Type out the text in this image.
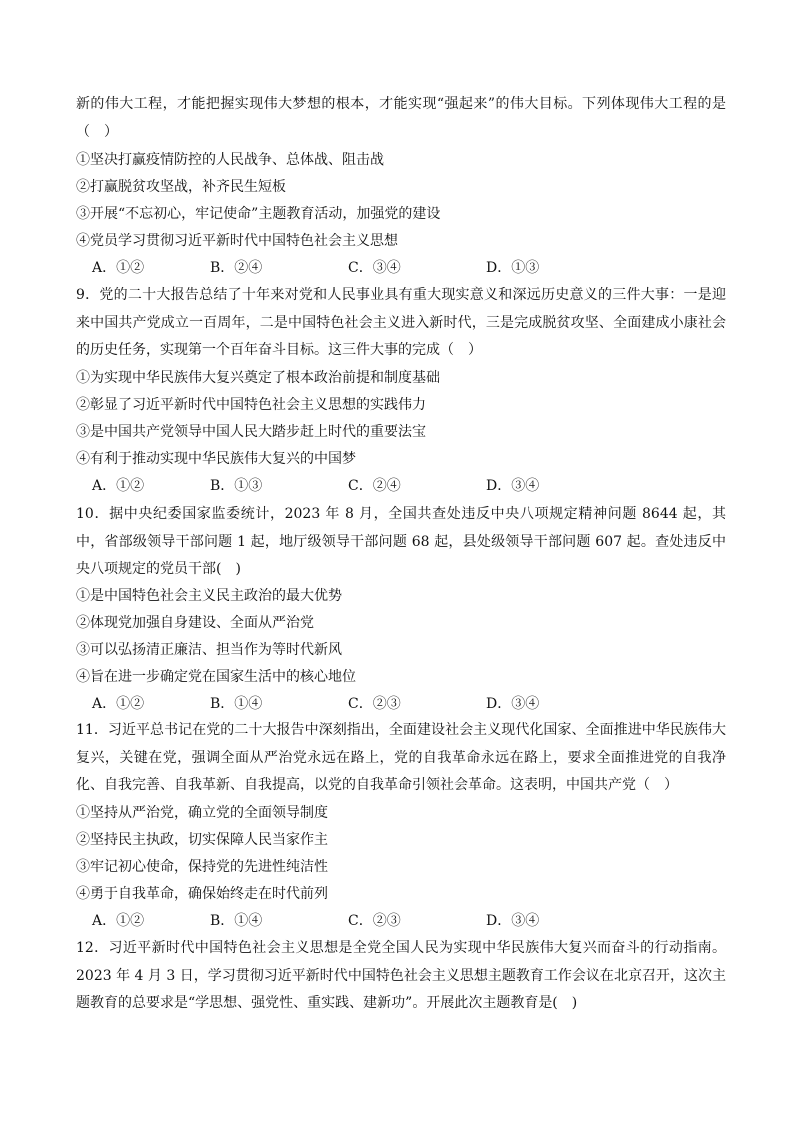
新的伟大工程，才能把握实现伟大梦想的根本，才能实现“强起来”的伟大目标。下列体现伟大工程的是（　）

①坚决打赢疫情防控的人民战争、总体战、阻击战

②打赢脱贫攻坚战，补齐民生短板

③开展“不忘初心，牢记使命”主题教育活动，加强党的建设

④党员学习贯彻习近平新时代中国特色社会主义思想

A．①②	B．②④	C．③④	D．①③

9．党的二十大报告总结了十年来对党和人民事业具有重大现实意义和深远历史意义的三件大事：一是迎来中国共产党成立一百周年，二是中国特色社会主义进入新时代，三是完成脱贫攻坚、全面建成小康社会的历史任务，实现第一个百年奋斗目标。这三件大事的完成（　）

①为实现中华民族伟大复兴奠定了根本政治前提和制度基础

②彰显了习近平新时代中国特色社会主义思想的实践伟力

③是中国共产党领导中国人民大踏步赶上时代的重要法宝

④有利于推动实现中华民族伟大复兴的中国梦

A．①②	B．①③	C．②④	D．③④

10．据中央纪委国家监委统计，2023 年 8 月，全国共查处违反中央八项规定精神问题 8644 起，其中，省部级领导干部问题 1 起，地厅级领导干部问题 68 起，县处级领导干部问题 607 起。查处违反中央八项规定的党员干部(　)

①是中国特色社会主义民主政治的最大优势

②体现党加强自身建设、全面从严治党

③可以弘扬清正廉洁、担当作为等时代新风

④旨在进一步确定党在国家生活中的核心地位

A．①②	B．①④	C．②③	D．③④

11．习近平总书记在党的二十大报告中深刻指出，全面建设社会主义现代化国家、全面推进中华民族伟大复兴，关键在党，强调全面从严治党永远在路上，党的自我革命永远在路上，要求全面推进党的自我净化、自我完善、自我革新、自我提高，以党的自我革命引领社会革命。这表明，中国共产党（　）

①坚持从严治党，确立党的全面领导制度

②坚持民主执政，切实保障人民当家作主

③牢记初心使命，保持党的先进性纯洁性

④勇于自我革命，确保始终走在时代前列

A．①②	B．①④	C．②③	D．③④

12．习近平新时代中国特色社会主义思想是全党全国人民为实现中华民族伟大复兴而奋斗的行动指南。2023 年 4 月 3 日，学习贯彻习近平新时代中国特色社会主义思想主题教育工作会议在北京召开，这次主题教育的总要求是“学思想、强党性、重实践、建新功”。开展此次主题教育是(　)
